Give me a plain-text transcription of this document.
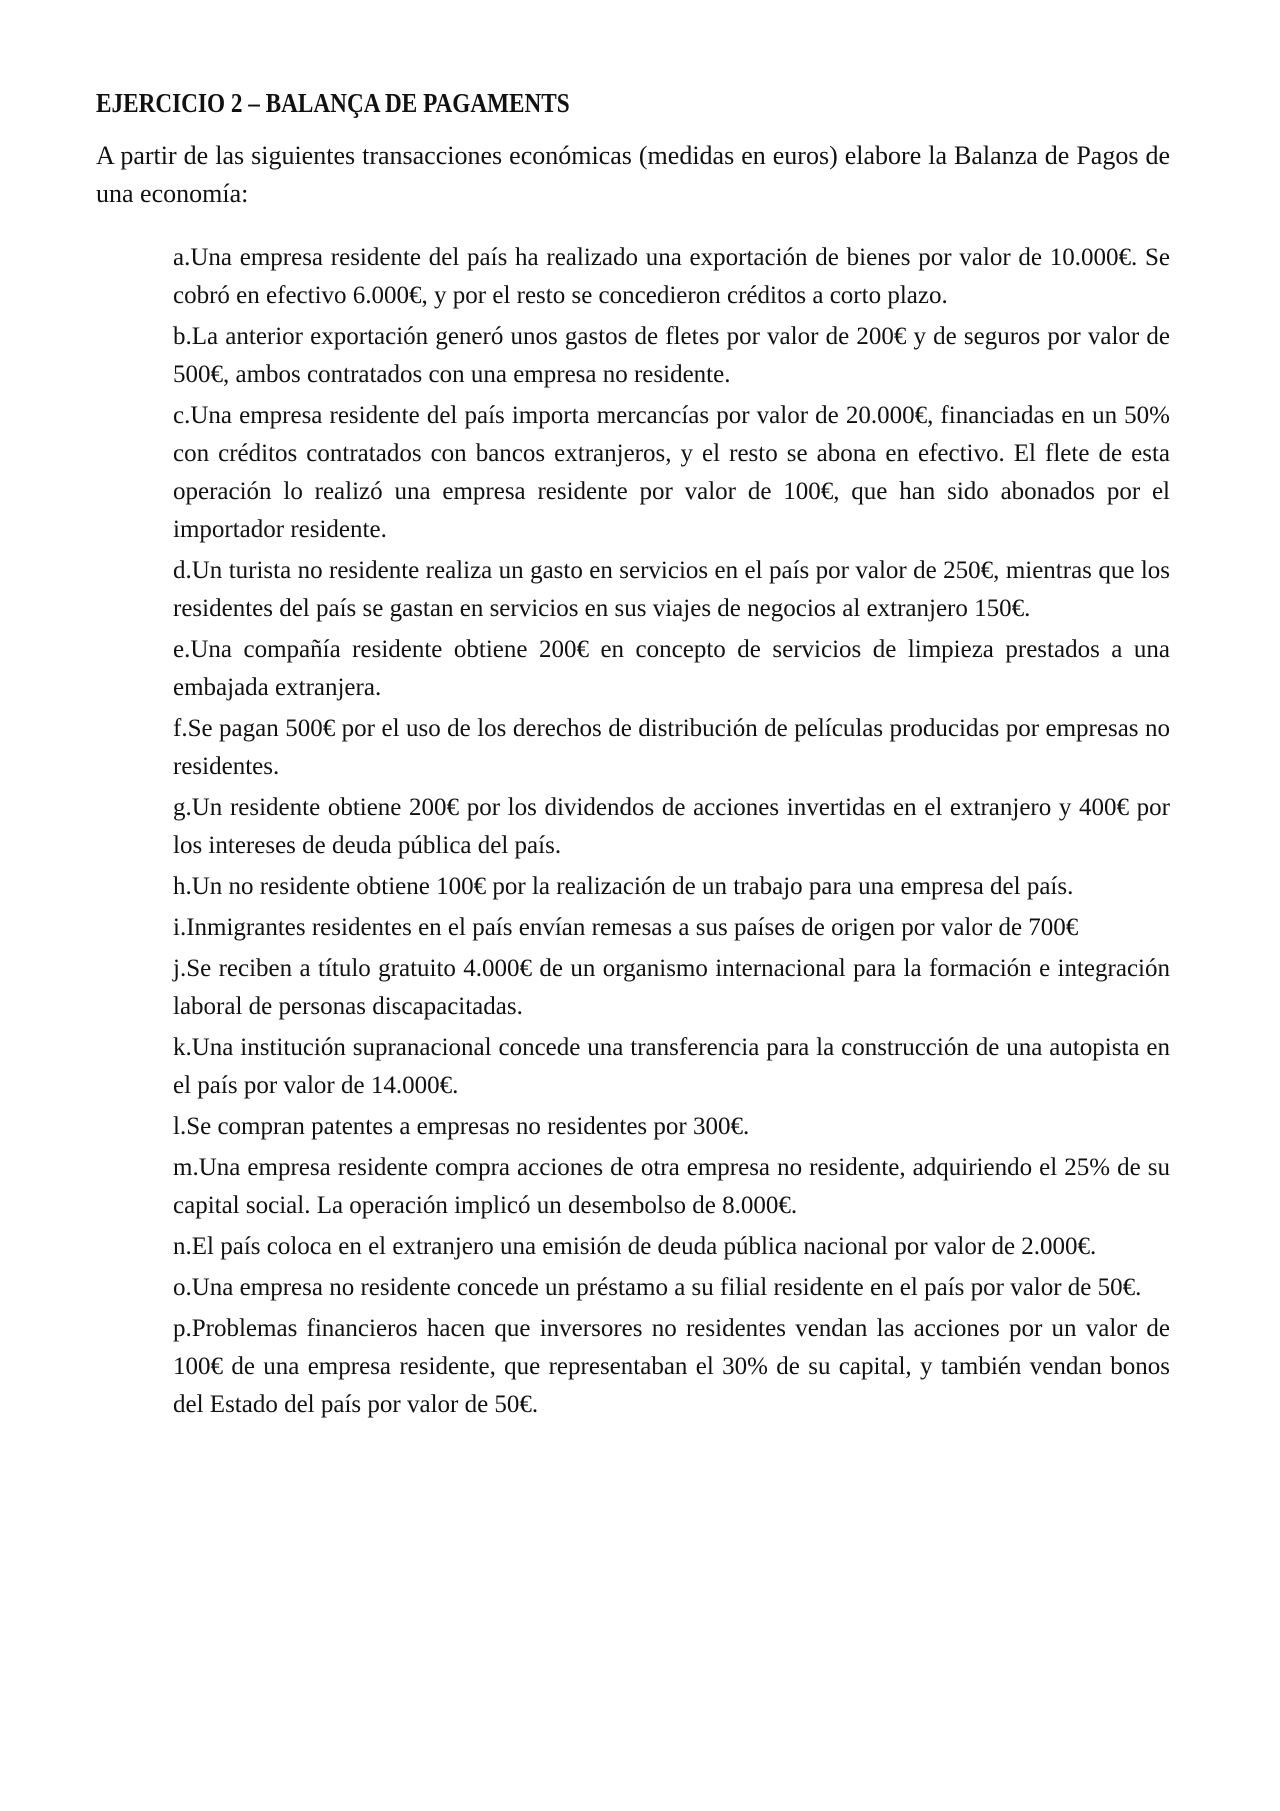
EJERCICIO 2 – BALANÇA DE PAGAMENTS

A partir de las siguientes transacciones económicas (medidas en euros) elabore la Balanza de Pagos de una economía:

a.Una empresa residente del país ha realizado una exportación de bienes por valor de 10.000€. Se cobró en efectivo 6.000€, y por el resto se concedieron créditos a corto plazo.
b.La anterior exportación generó unos gastos de fletes por valor de 200€ y de seguros por valor de 500€, ambos contratados con una empresa no residente.
c.Una empresa residente del país importa mercancías por valor de 20.000€, financiadas en un 50% con créditos contratados con bancos extranjeros, y el resto se abona en efectivo. El flete de esta operación lo realizó una empresa residente por valor de 100€, que han sido abonados por el importador residente.
d.Un turista no residente realiza un gasto en servicios en el país por valor de 250€, mientras que los residentes del país se gastan en servicios en sus viajes de negocios al extranjero 150€.
e.Una compañía residente obtiene 200€ en concepto de servicios de limpieza prestados a una embajada extranjera.
f.Se pagan 500€ por el uso de los derechos de distribución de películas producidas por empresas no residentes.
g.Un residente obtiene 200€ por los dividendos de acciones invertidas en el extranjero y 400€ por los intereses de deuda pública del país.
h.Un no residente obtiene 100€ por la realización de un trabajo para una empresa del país.
i.Inmigrantes residentes en el país envían remesas a sus países de origen por valor de 700€
j.Se reciben a título gratuito 4.000€ de un organismo internacional para la formación e integración laboral de personas discapacitadas.
k.Una institución supranacional concede una transferencia para la construcción de una autopista en el país por valor de 14.000€.
l.Se compran patentes a empresas no residentes por 300€.
m.Una empresa residente compra acciones de otra empresa no residente, adquiriendo el 25% de su capital social. La operación implicó un desembolso de 8.000€.
n.El país coloca en el extranjero una emisión de deuda pública nacional por valor de 2.000€.
o.Una empresa no residente concede un préstamo a su filial residente en el país por valor de 50€.
p.Problemas financieros hacen que inversores no residentes vendan las acciones por un valor de 100€ de una empresa residente, que representaban el 30% de su capital, y también vendan bonos del Estado del país por valor de 50€.
